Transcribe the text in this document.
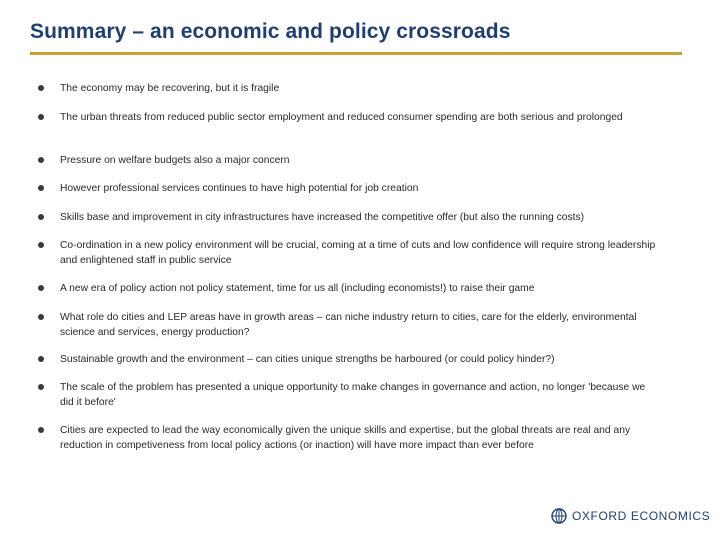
Summary – an economic and policy crossroads
The economy may be recovering, but it is fragile
The urban threats from reduced public sector employment and reduced consumer spending are both serious and prolonged
Pressure on welfare budgets also a major concern
However professional services continues to have high potential for job creation
Skills base and improvement in city infrastructures have increased the competitive offer (but also the running costs)
Co-ordination in a new policy environment will be crucial, coming at a time of cuts and low confidence will require strong leadership and enlightened staff in public service
A new era of policy action not policy statement, time for us all (including economists!) to raise their game
What role do cities and LEP areas have in growth areas – can niche industry return to cities, care for the elderly, environmental science and services, energy production?
Sustainable growth and the environment – can cities unique strengths be harboured (or could policy hinder?)
The scale of the problem has presented a unique opportunity to make changes in governance and action, no longer 'because we did it before'
Cities are expected to lead the way economically given the unique skills and expertise, but the global threats are real and any reduction in competiveness from local policy actions (or inaction) will have more impact than ever before
OXFORD ECONOMICS
